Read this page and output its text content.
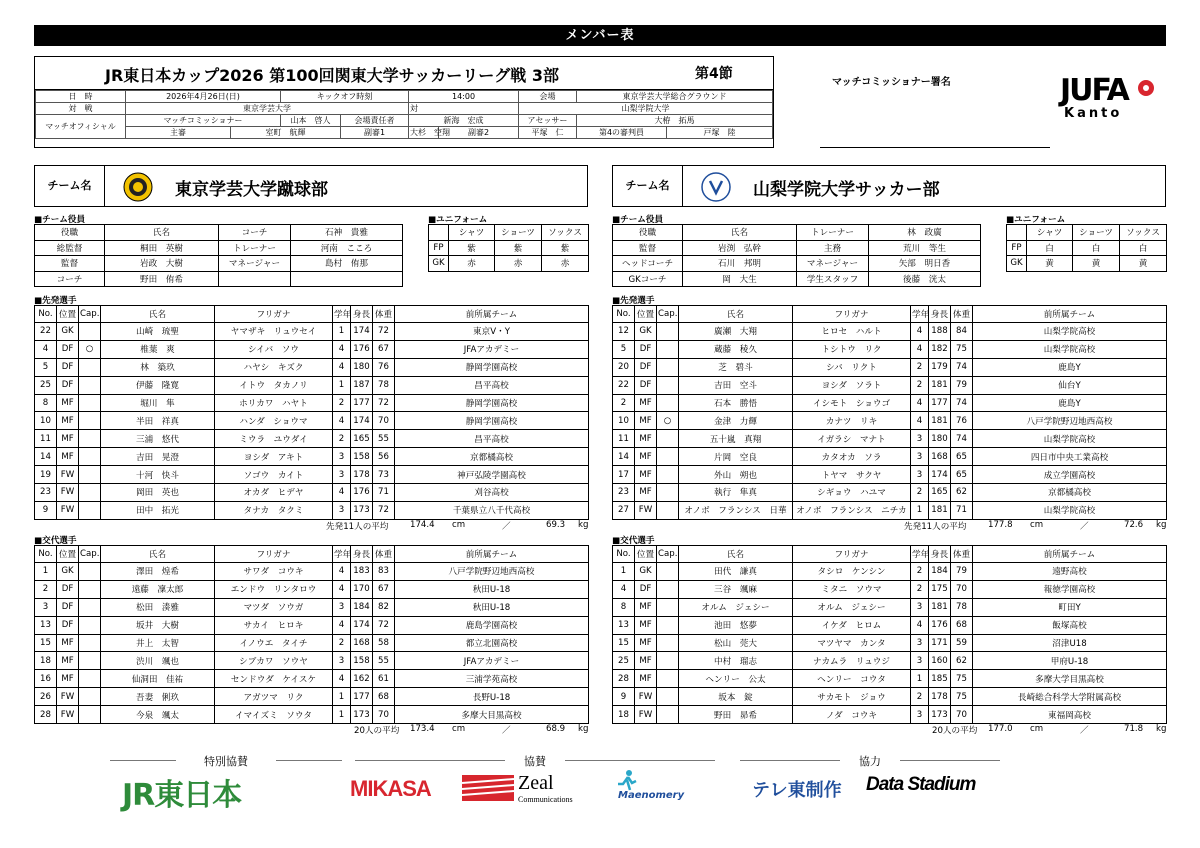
メンバー表
JR東日本カップ2026 第100回関東大学サッカーリーグ戦 3部	第4節
日　時	2026年4月26日(日)		キックオフ時刻		14:00		会場	東京学芸大学総合グラウンド	
対　戦	東京学芸大学				対		山梨学院大学		
マッチオフィシャル	マッチコミッショナー		山本　啓人	会場責任者	新海　宏成		アセッサー	大栫　拓馬	
	主審	室町　航輝		副審1	大杉　空翔	副審2	平塚　仁	第4の審判員	戸塚　陸
マッチコミッショナー署名	JUFA
Kanto
チーム名	東京学芸大学蹴球部	チーム名	山梨学院大学サッカー部
■チーム役員	■ユニフォーム
役職	氏名	コーチ	石神　貴雅
総監督	桐田　英樹	トレーナー	河南　こころ
監督	岩政　大樹	マネージャー	島村　侑那
コーチ	野田　侑希		
	シャツ	ショーツ	ソックス
FP	紫	紫	紫
GK	赤	赤	赤
■先発選手
No.	位置	Cap.	氏名	フリガナ	学年	身長	体重	前所属チーム
22	GK		山崎　琉聖	ヤマザキ　リュウセイ	1	174	72	東京V・Y
4	DF	○	椎葉　爽	シイバ　ソウ	4	176	67	JFAアカデミー
5	DF		林　築玖	ハヤシ　キズク	4	180	76	静岡学園高校
25	DF		伊藤　隆寛	イトウ　タカノリ	1	187	78	昌平高校
8	MF		堀川　隼	ホリカワ　ハヤト	2	177	72	静岡学園高校
10	MF		半田　祥真	ハンダ　ショウマ	4	174	70	静岡学園高校
11	MF		三浦　悠代	ミウラ　ユウダイ	2	165	55	昌平高校
14	MF		吉田　晃澄	ヨシダ　アキト	3	158	56	京都橘高校
19	FW		十河　快斗	ソゴウ　カイト	3	178	73	神戸弘陵学園高校
23	FW		岡田　英也	オカダ　ヒデヤ	4	176	71	刈谷高校
9	FW		田中　拓光	タナカ　タクミ	3	173	72	千葉県立八千代高校
先発11人の平均	174.4 cm	／	69.3 kg
■交代選手
No.	位置	Cap.	氏名	フリガナ	学年	身長	体重	前所属チーム
1	GK		澤田　煌希	サワダ　コウキ	4	183	83	八戸学院野辺地西高校
2	DF		遠藤　凜太郎	エンドウ　リンタロウ	4	170	67	秋田U-18
3	DF		松田　湊雅	マツダ　ソウガ	3	184	82	秋田U-18
13	DF		坂井　大樹	サカイ　ヒロキ	4	174	72	鹿島学園高校
15	MF		井上　太智	イノウエ　タイチ	2	168	58	都立北園高校
18	MF		渋川　颯也	シブカワ　ソウヤ	3	158	55	JFAアカデミー
16	MF		仙洞田　佳祐	センドウダ　ケイスケ	4	162	61	三浦学苑高校
26	FW		吾妻　俐玖	アガツマ　リク	1	177	68	長野U-18
28	FW		今泉　颯太	イマイズミ　ソウタ	1	173	70	多摩大目黒高校
20人の平均 173.4 cm	／	68.9 kg
■チーム役員	■ユニフォーム
役職	氏名	トレーナー	林　政廣
監督	岩渕　弘幹	主務	荒川　等生
ヘッドコーチ	石川　邦明	マネージャー	矢部　明日香
GKコーチ	岡　大生	学生スタッフ	後藤　洸太
	シャツ	ショーツ	ソックス
FP	白	白	白
GK	黄	黄	黄
■先発選手
No.	位置	Cap.	氏名	フリガナ	学年	身長	体重	前所属チーム
12	GK		廣瀬　大翔	ヒロセ　ハルト	4	188	84	山梨学院高校
5	DF		蔵藤　稜久	トシトウ　リク	4	182	75	山梨学院高校
20	DF		芝　碧斗	シバ　リクト	2	179	74	鹿島Y
22	DF		吉田　空斗	ヨシダ　ソラト	2	181	79	仙台Y
2	MF		石本　勝悟	イシモト　ショウゴ	4	177	74	鹿島Y
10	MF	○	金津　力輝	カナツ　リキ	4	181	76	八戸学院野辺地西高校
11	MF		五十嵐　真翔	イガラシ　マナト	3	180	74	山梨学院高校
14	MF		片岡　空良	カタオカ　ソラ	3	168	65	四日市中央工業高校
17	MF		外山　朔也	トヤマ　サクヤ	3	174	65	成立学園高校
23	MF		執行　隼真	シギョウ　ハユマ	2	165	62	京都橘高校
27	FW		オノボ　フランシス　日華	オノボ　フランシス　ニチカ	1	181	71	山梨学院高校
先発11人の平均	177.8 cm	／	72.6 kg
■交代選手
No.	位置	Cap.	氏名	フリガナ	学年	身長	体重	前所属チーム
1	GK		田代　謙真	タシロ　ケンシン	2	184	79	遠野高校
4	DF		三谷　颯麻	ミタニ　ソウマ	2	175	70	報徳学園高校
8	MF		オルム　ジェシー	オルム　ジェシー	3	181	78	町田Y
13	MF		池田　悠夢	イケダ　ヒロム	4	176	68	飯塚高校
15	MF		松山　莞大	マツヤマ　カンタ	3	171	59	沼津U18
25	MF		中村　瑠志	ナカムラ　リュウジ	3	160	62	甲府U-18
28	MF		ヘンリー　公太	ヘンリー　コウタ	1	185	75	多摩大学目黒高校
9	FW		坂本　錠	サカモト　ジョウ	2	178	75	長崎総合科学大学附属高校
18	FW		野田　昴希	ノダ　コウキ	3	173	70	東福岡高校
20人の平均 177.0 cm	／	71.8 kg
特別協賛	協賛	協力
JR東日本	MIKASA	Zeal
Communications	Maenomery	テレ東制作 Data Stadium
